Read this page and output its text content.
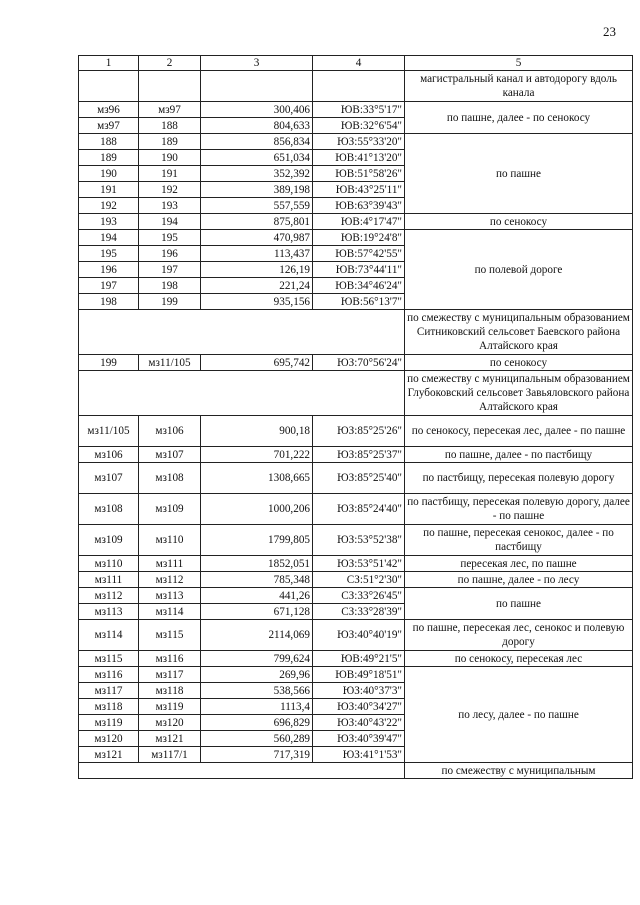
23
1	2	3	4	5
				магистральный канал и автодорогу вдоль канала
мз96	мз97	300,406	ЮВ:33°5'17"	по пашне, далее - по сенокосу
мз97	188	804,633	ЮВ:32°6'54"	
188	189	856,834	ЮЗ:55°33'20"	по пашне
189	190	651,034	ЮВ:41°13'20"	
190	191	352,392	ЮВ:51°58'26"	
191	192	389,198	ЮВ:43°25'11"	
192	193	557,559	ЮВ:63°39'43"	
193	194	875,801	ЮВ:4°17'47"	по сенокосу
194	195	470,987	ЮВ:19°24'8"	по полевой дороге
195	196	113,437	ЮВ:57°42'55"	
196	197	126,19	ЮВ:73°44'11"	
197	198	221,24	ЮВ:34°46'24"	
198	199	935,156	ЮВ:56°13'7"	
				по смежеству с муниципальным образованием Ситниковский сельсовет Баевского района Алтайского края
199	мз11/105	695,742	ЮЗ:70°56'24"	по сенокосу
				по смежеству с муниципальным образованием Глубоковский сельсовет Завьяловского района Алтайского края
мз11/105	мз106	900,18	ЮЗ:85°25'26"	по сенокосу, пересекая лес, далее - по пашне
мз106	мз107	701,222	ЮЗ:85°25'37"	по пашне, далее - по пастбищу
мз107	мз108	1308,665	ЮЗ:85°25'40"	по пастбищу, пересекая полевую дорогу
мз108	мз109	1000,206	ЮЗ:85°24'40"	по пастбищу, пересекая полевую дорогу, далее - по пашне
мз109	мз110	1799,805	ЮЗ:53°52'38"	по пашне, пересекая сенокос, далее - по пастбищу
мз110	мз111	1852,051	ЮЗ:53°51'42"	пересекая лес, по пашне
мз111	мз112	785,348	СЗ:51°2'30"	по пашне, далее - по лесу
мз112	мз113	441,26	СЗ:33°26'45"	по пашне
мз113	мз114	671,128	СЗ:33°28'39"	
мз114	мз115	2114,069	ЮЗ:40°40'19"	по пашне, пересекая лес, сенокос и полевую дорогу
мз115	мз116	799,624	ЮВ:49°21'5"	по сенокосу, пересекая лес
мз116	мз117	269,96	ЮВ:49°18'51"	по лесу, далее - по пашне
мз117	мз118	538,566	ЮЗ:40°37'3"	
мз118	мз119	1113,4	ЮЗ:40°34'27"	
мз119	мз120	696,829	ЮЗ:40°43'22"	
мз120	мз121	560,289	ЮЗ:40°39'47"	
мз121	мз117/1	717,319	ЮЗ:41°1'53"	
				по смежеству с муниципальным
